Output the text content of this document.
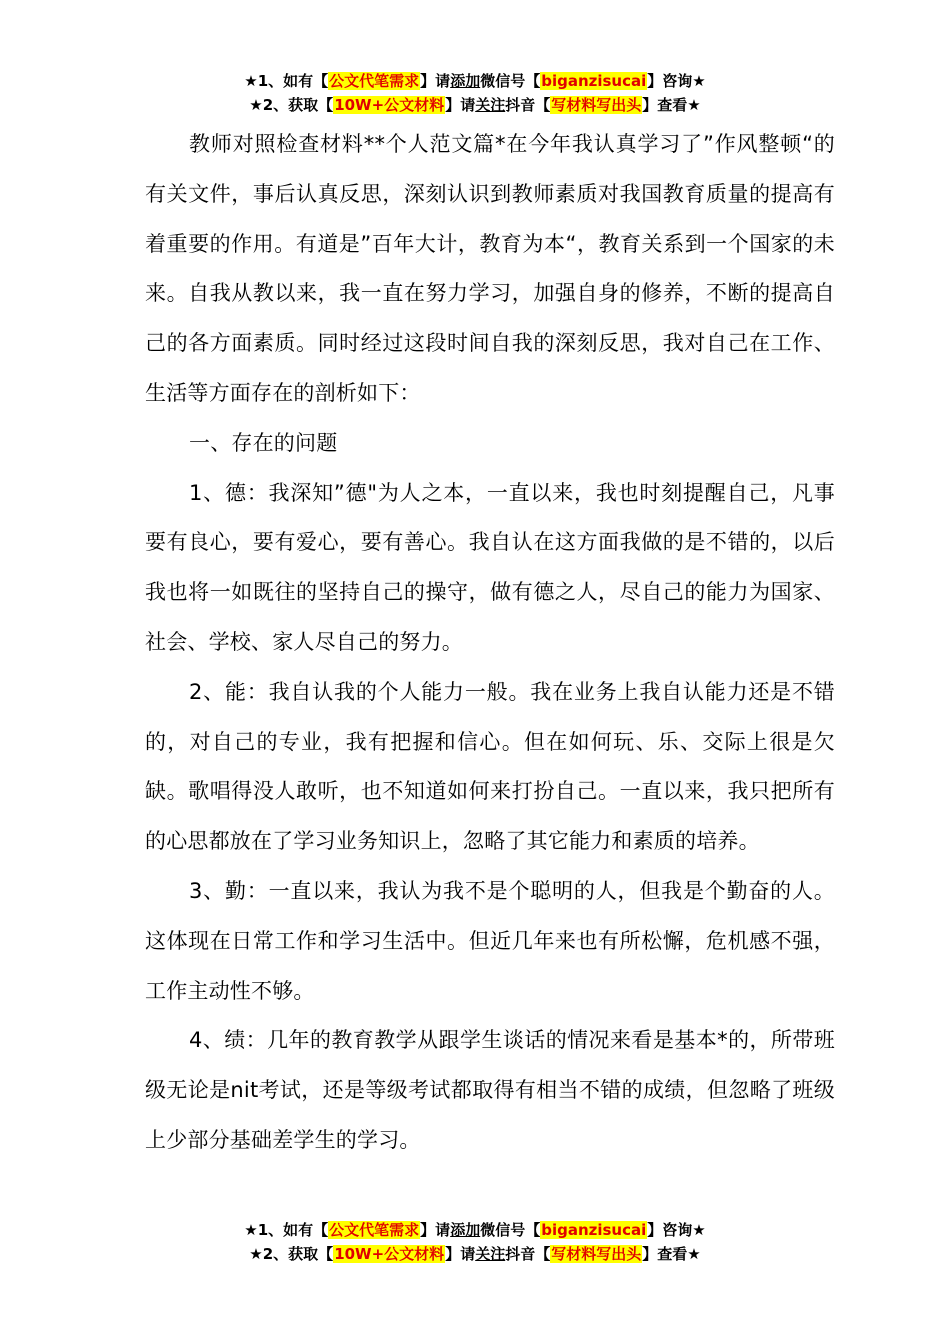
★1、如有【公文代笔需求】请添加微信号【biganzisucai】咨询★
★2、获取【10W+公文材料】请关注抖音【写材料写出头】查看★

教师对照检查材料**个人范文篇*在今年我认真学习了”作风整顿“的有关文件，事后认真反思，深刻认识到教师素质对我国教育质量的提高有着重要的作用。有道是”百年大计，教育为本“，教育关系到一个国家的未来。自我从教以来，我一直在努力学习，加强自身的修养，不断的提高自己的各方面素质。同时经过这段时间自我的深刻反思，我对自己在工作、生活等方面存在的剖析如下：

一、存在的问题

1、德：我深知”德"为人之本，一直以来，我也时刻提醒自己，凡事要有良心，要有爱心，要有善心。我自认在这方面我做的是不错的，以后我也将一如既往的坚持自己的操守，做有德之人，尽自己的能力为国家、社会、学校、家人尽自己的努力。

2、能：我自认我的个人能力一般。我在业务上我自认能力还是不错的，对自己的专业，我有把握和信心。但在如何玩、乐、交际上很是欠缺。歌唱得没人敢听，也不知道如何来打扮自己。一直以来，我只把所有的心思都放在了学习业务知识上，忽略了其它能力和素质的培养。

3、勤：一直以来，我认为我不是个聪明的人，但我是个勤奋的人。这体现在日常工作和学习生活中。但近几年来也有所松懈，危机感不强，工作主动性不够。

4、绩：几年的教育教学从跟学生谈话的情况来看是基本*的，所带班级无论是nit考试，还是等级考试都取得有相当不错的成绩，但忽略了班级上少部分基础差学生的学习。

★1、如有【公文代笔需求】请添加微信号【biganzisucai】咨询★
★2、获取【10W+公文材料】请关注抖音【写材料写出头】查看★
